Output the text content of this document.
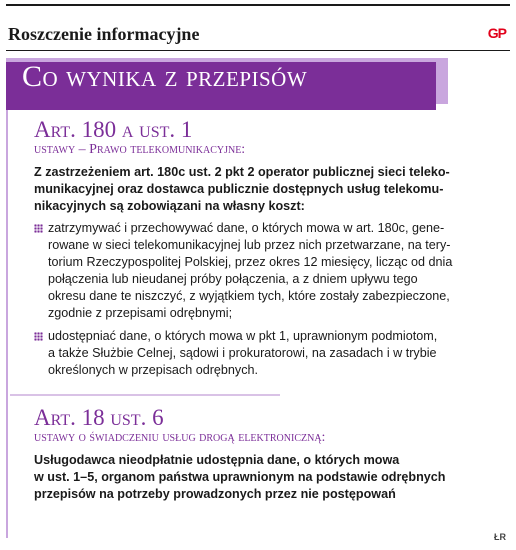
Roszczenie informacyjne	GP
Co wynika z przepisów
Art. 180 a ust. 1
ustawy – Prawo telekomunikacyjne:
Z zastrzeżeniem art. 180c ust. 2 pkt 2 operator publicznej sieci teleko-
munikacyjnej oraz dostawca publicznie dostępnych usług telekomu-
nikacyjnych są zobowiązani na własny koszt:
zatrzymywać i przechowywać dane, o których mowa w art. 180c, gene-
rowane w sieci telekomunikacyjnej lub przez nich przetwarzane, na tery-
torium Rzeczypospolitej Polskiej, przez okres 12 miesięcy, licząc od dnia
połączenia lub nieudanej próby połączenia, a z dniem upływu tego
okresu dane te niszczyć, z wyjątkiem tych, które zostały zabezpieczone,
zgodnie z przepisami odrębnymi;
udostępniać dane, o których mowa w pkt 1, uprawnionym podmiotom,
a także Służbie Celnej, sądowi i prokuratorowi, na zasadach i w trybie
określonych w przepisach odrębnych.
Art. 18 ust. 6
ustawy o świadczeniu usług drogą elektroniczną:
Usługodawca nieodpłatnie udostępnia dane, o których mowa
w ust. 1–5, organom państwa uprawnionym na podstawie odrębnych
przepisów na potrzeby prowadzonych przez nie postępowań
ŁR
